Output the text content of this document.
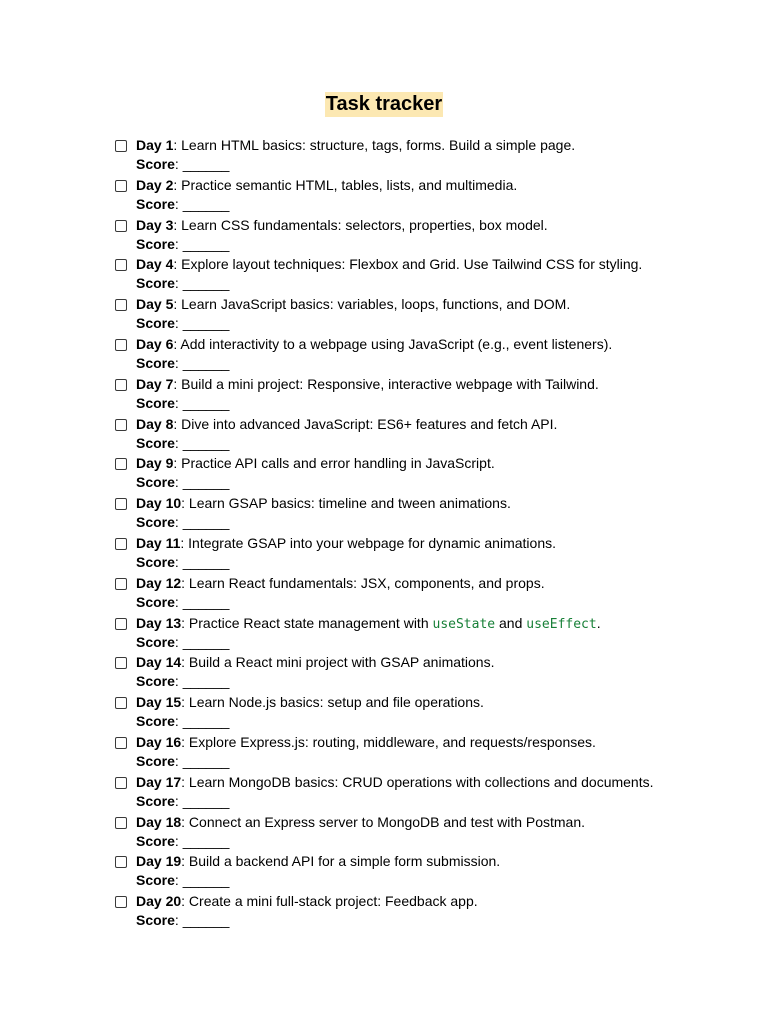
Task tracker
Day 1: Learn HTML basics: structure, tags, forms. Build a simple page.
Score: ______
Day 2: Practice semantic HTML, tables, lists, and multimedia.
Score: ______
Day 3: Learn CSS fundamentals: selectors, properties, box model.
Score: ______
Day 4: Explore layout techniques: Flexbox and Grid. Use Tailwind CSS for styling.
Score: ______
Day 5: Learn JavaScript basics: variables, loops, functions, and DOM.
Score: ______
Day 6: Add interactivity to a webpage using JavaScript (e.g., event listeners).
Score: ______
Day 7: Build a mini project: Responsive, interactive webpage with Tailwind.
Score: ______
Day 8: Dive into advanced JavaScript: ES6+ features and fetch API.
Score: ______
Day 9: Practice API calls and error handling in JavaScript.
Score: ______
Day 10: Learn GSAP basics: timeline and tween animations.
Score: ______
Day 11: Integrate GSAP into your webpage for dynamic animations.
Score: ______
Day 12: Learn React fundamentals: JSX, components, and props.
Score: ______
Day 13: Practice React state management with useState and useEffect.
Score: ______
Day 14: Build a React mini project with GSAP animations.
Score: ______
Day 15: Learn Node.js basics: setup and file operations.
Score: ______
Day 16: Explore Express.js: routing, middleware, and requests/responses.
Score: ______
Day 17: Learn MongoDB basics: CRUD operations with collections and documents.
Score: ______
Day 18: Connect an Express server to MongoDB and test with Postman.
Score: ______
Day 19: Build a backend API for a simple form submission.
Score: ______
Day 20: Create a mini full-stack project: Feedback app.
Score: ______
